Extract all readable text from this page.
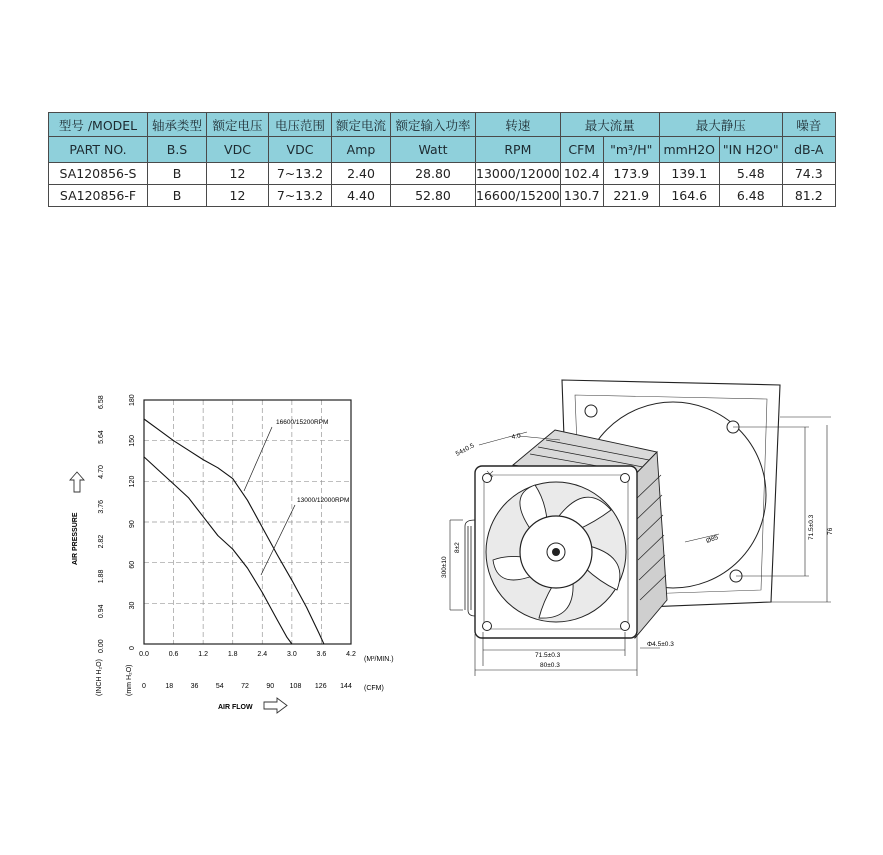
型号 /MODEL	轴承类型	额定电压	电压范围	额定电流	额定输入功率	转速	最大流量		最大静压		噪音
PART NO.	B.S	VDC	VDC	Amp	Watt	RPM	CFM	"m³/H"	mmH2O	"IN H2O"	dB-A
SA120856-S	B	12	7~13.2	2.40	28.80	13000/12000	102.4	173.9	139.1	5.48	74.3
SA120856-F	B	12	7~13.2	4.40	52.80	16600/15200	130.7	221.9	164.6	6.48	81.2
0.00
0.94
1.88
2.82
3.76
4.70
5.64
6.58
0
30
60
90
120
150
180
0.0	0.6	1.2	1.8	2.4	3.0	3.6	4.2
0	18 36 54 72 90 108 126 144
16600/15200RPM
13000/12000RPM
(M³/MIN.)
(CFM)
(INCH H₂O)	(mm H₂O)
AIR PRESSURE
AIR FLOW
54±0.5
4.0
300±10
8±2
71.5±0.3 76
Ø85
71.5±0.3
80±0.3
Φ4.5±0.3
